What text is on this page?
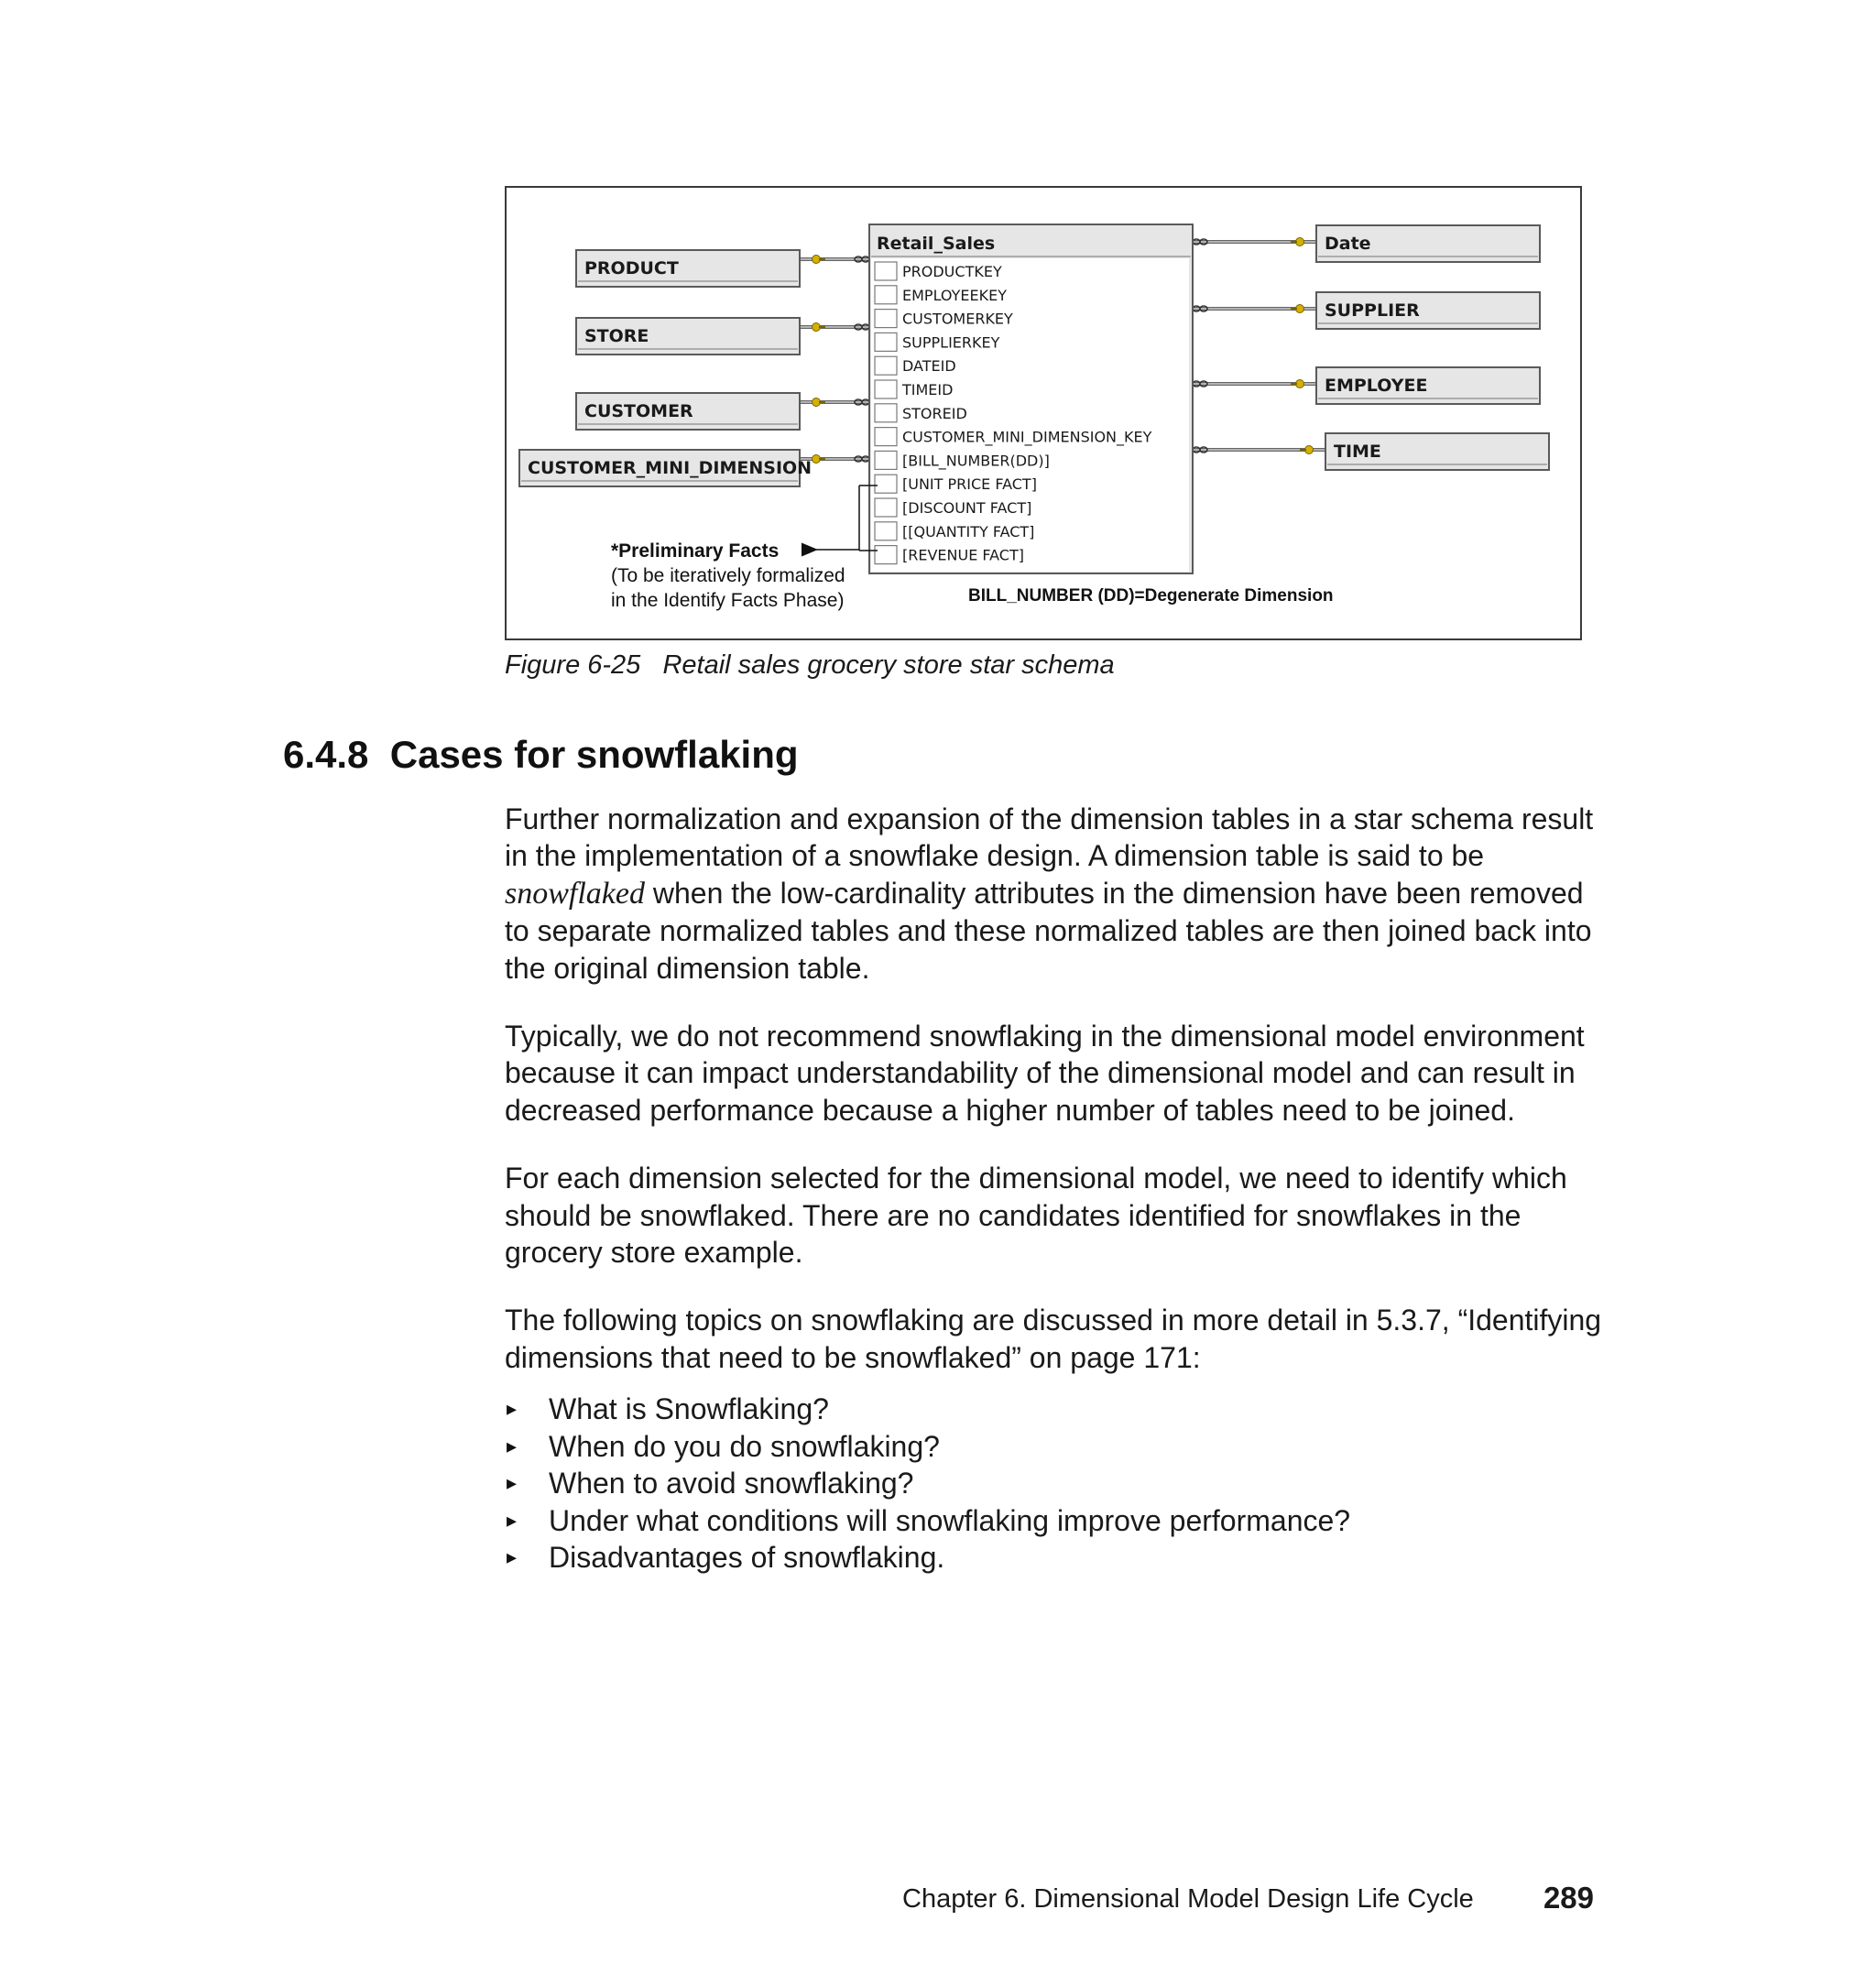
Retail_Sales
PRODUCTKEY
EMPLOYEEKEY
CUSTOMERKEY
SUPPLIERKEY
DATEID
TIMEID
STOREID
CUSTOMER_MINI_DIMENSION_KEY
[BILL_NUMBER(DD)]
[UNIT PRICE FACT]
[DISCOUNT FACT]
[[QUANTITY FACT]
[REVENUE FACT]
PRODUCT
STORE
CUSTOMER
CUSTOMER_MINI_DIMENSION
Date
SUPPLIER
EMPLOYEE
TIME
*Preliminary Facts
(To be iteratively formalized
in the Identify Facts Phase)	BILL_NUMBER (DD)=Degenerate Dimension
Figure 6-25   Retail sales grocery store star schema
6.4.8  Cases for snowflaking

Further normalization and expansion of the dimension tables in a star schema result in the implementation of a snowflake design. A dimension table is said to be snowflaked when the low-cardinality attributes in the dimension have been removed to separate normalized tables and these normalized tables are then joined back into the original dimension table.

Typically, we do not recommend snowflaking in the dimensional model environment because it can impact understandability of the dimensional model and can result in decreased performance because a higher number of tables need to be joined.

For each dimension selected for the dimensional model, we need to identify which should be snowflaked. There are no candidates identified for snowflakes in the grocery store example.

The following topics on snowflaking are discussed in more detail in 5.3.7, “Identifying dimensions that need to be snowflaked” on page 171:

▸ What is Snowflaking?
▸ When do you do snowflaking?
▸ When to avoid snowflaking?
▸ Under what conditions will snowflaking improve performance?
▸ Disadvantages of snowflaking.
Chapter 6. Dimensional Model Design Life Cycle 289
